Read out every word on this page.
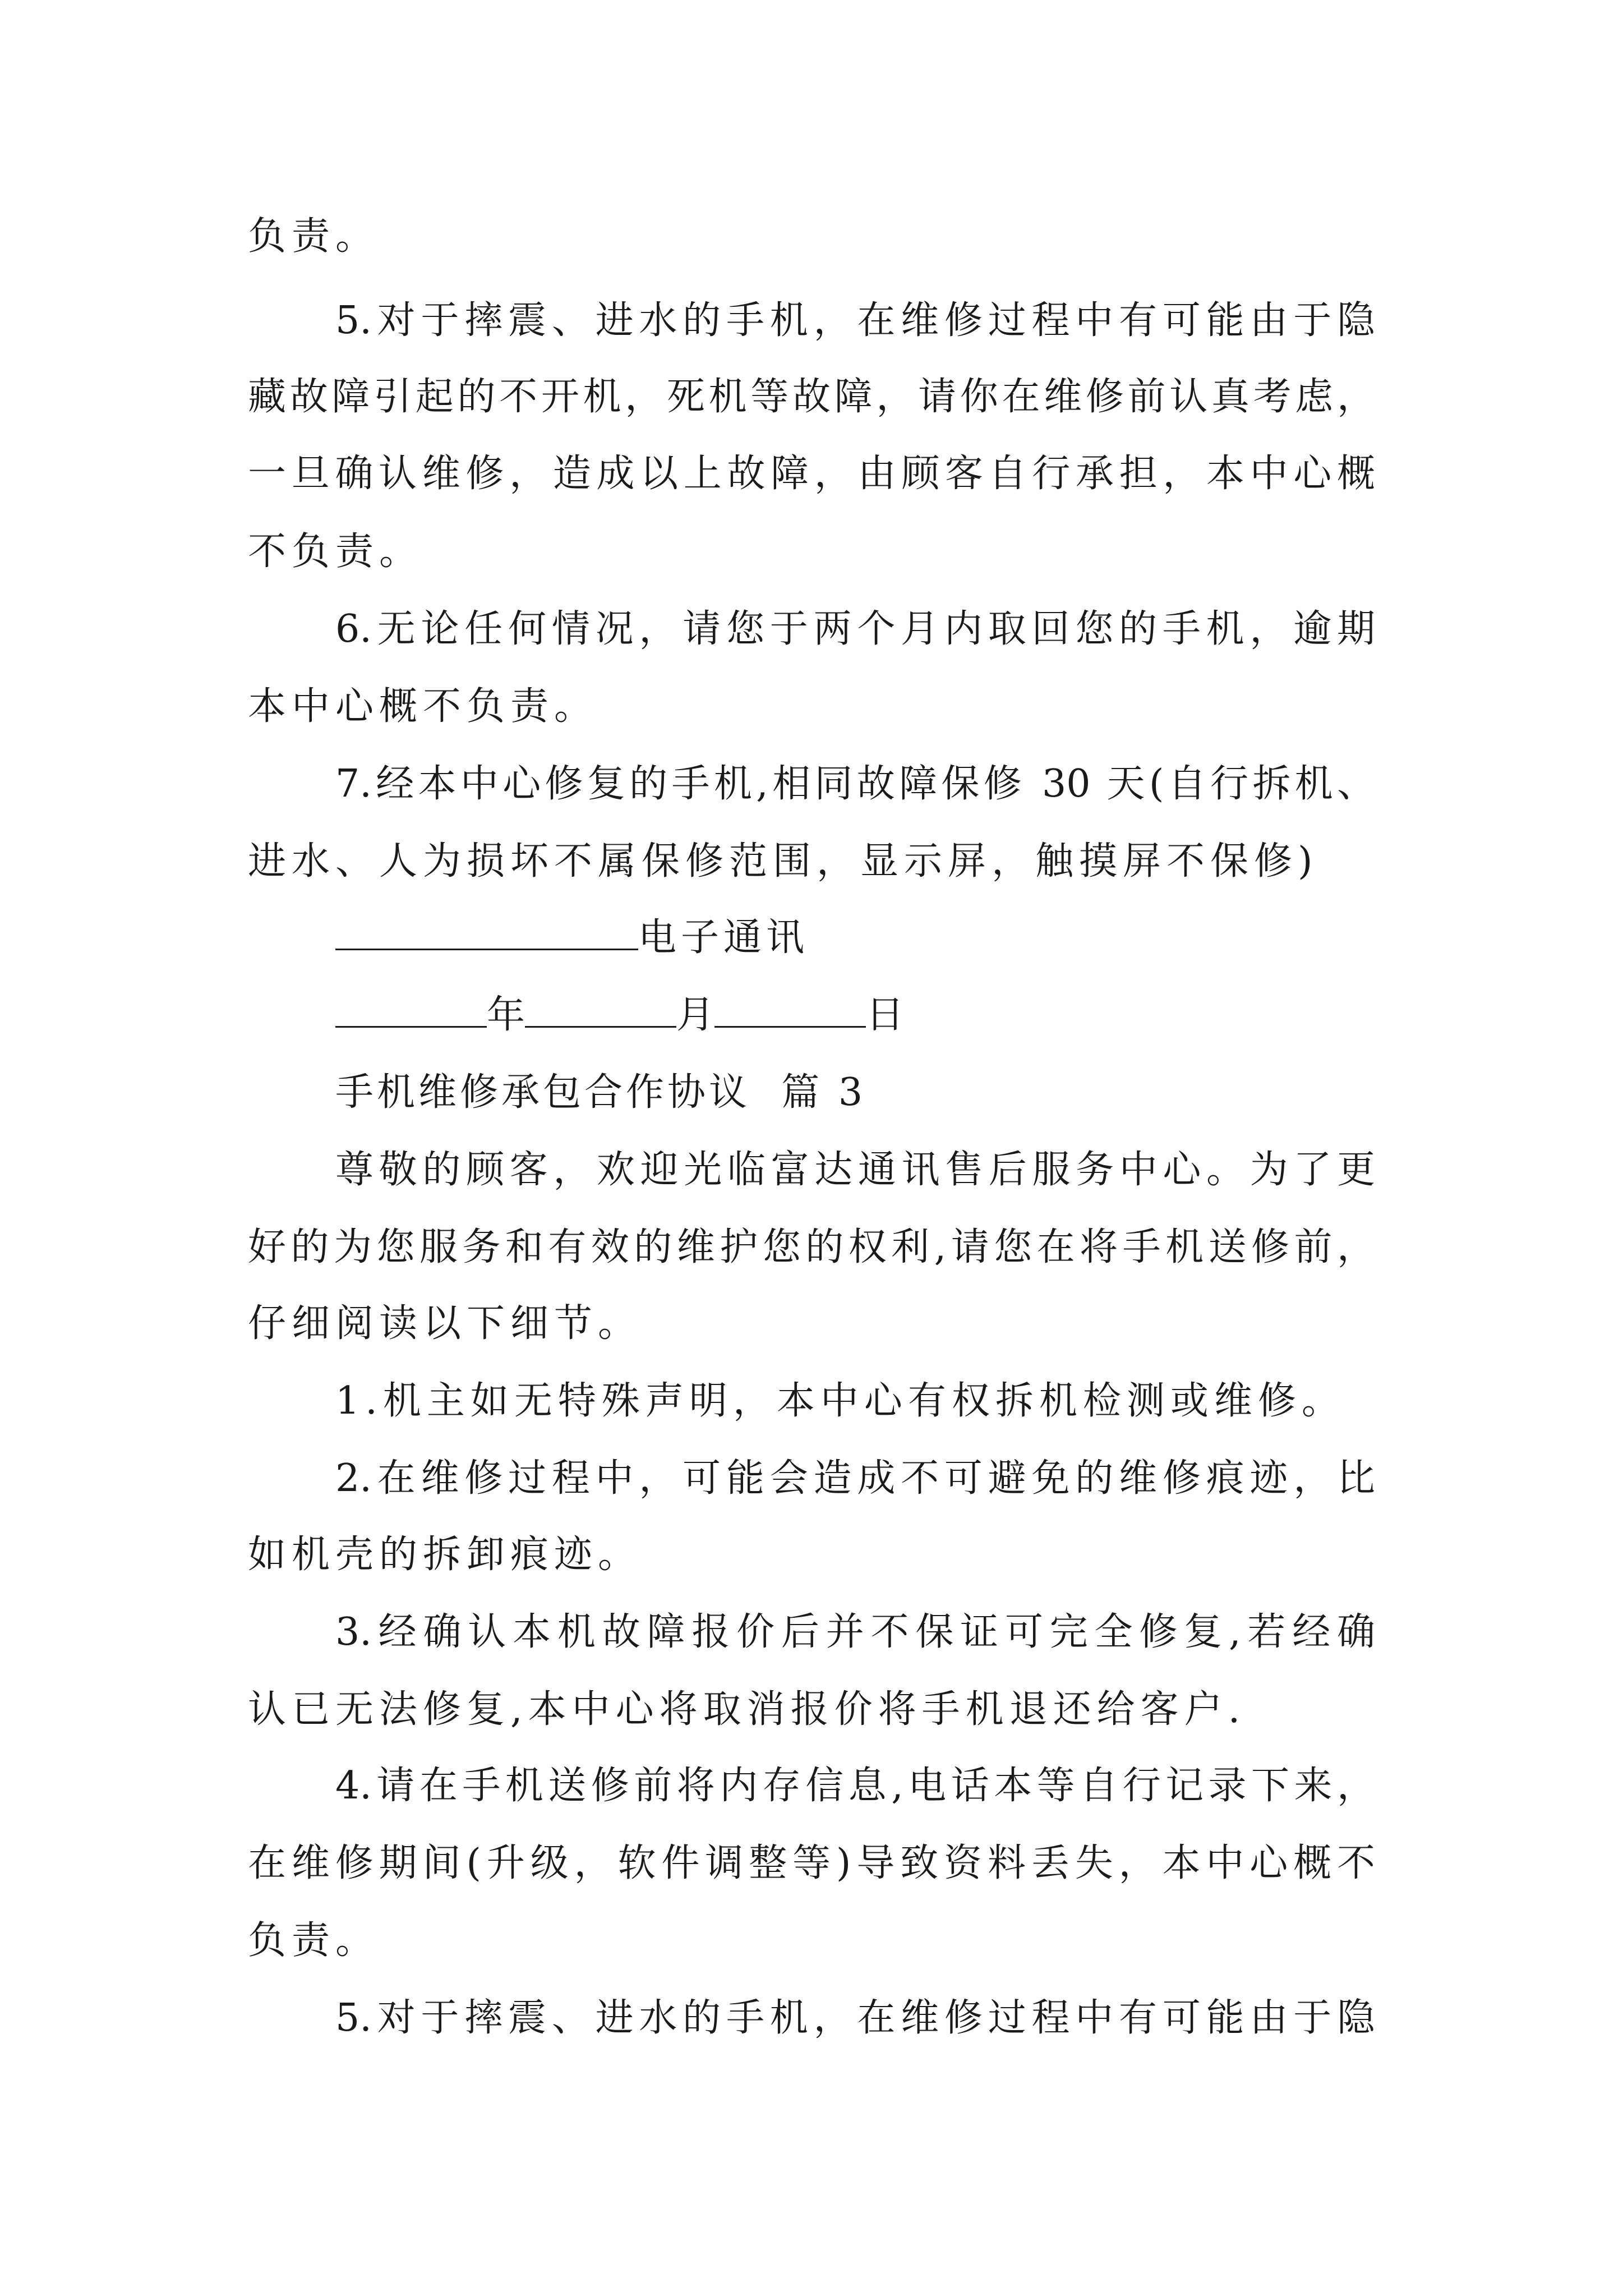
负责。
5.对于摔震、进水的手机，在维修过程中有可能由于隐
藏故障引起的不开机，死机等故障，请你在维修前认真考虑，
一旦确认维修，造成以上故障，由顾客自行承担，本中心概
不负责。
6.无论任何情况，请您于两个月内取回您的手机，逾期
本中心概不负责。
7.经本中心修复的手机,相同故障保修 30 天(自行拆机、
进水、人为损坏不属保修范围，显示屏，触摸屏不保修)
电子通讯
年	月	日
手机维修承包合作协议  篇 3
尊敬的顾客，欢迎光临富达通讯售后服务中心。为了更
好的为您服务和有效的维护您的权利,请您在将手机送修前，
仔细阅读以下细节。
1.机主如无特殊声明，本中心有权拆机检测或维修。
2.在维修过程中，可能会造成不可避免的维修痕迹，比
如机壳的拆卸痕迹。
3.经确认本机故障报价后并不保证可完全修复,若经确
认已无法修复,本中心将取消报价将手机退还给客户.
4.请在手机送修前将内存信息,电话本等自行记录下来，
在维修期间(升级，软件调整等)导致资料丢失，本中心概不
负责。
5.对于摔震、进水的手机，在维修过程中有可能由于隐
